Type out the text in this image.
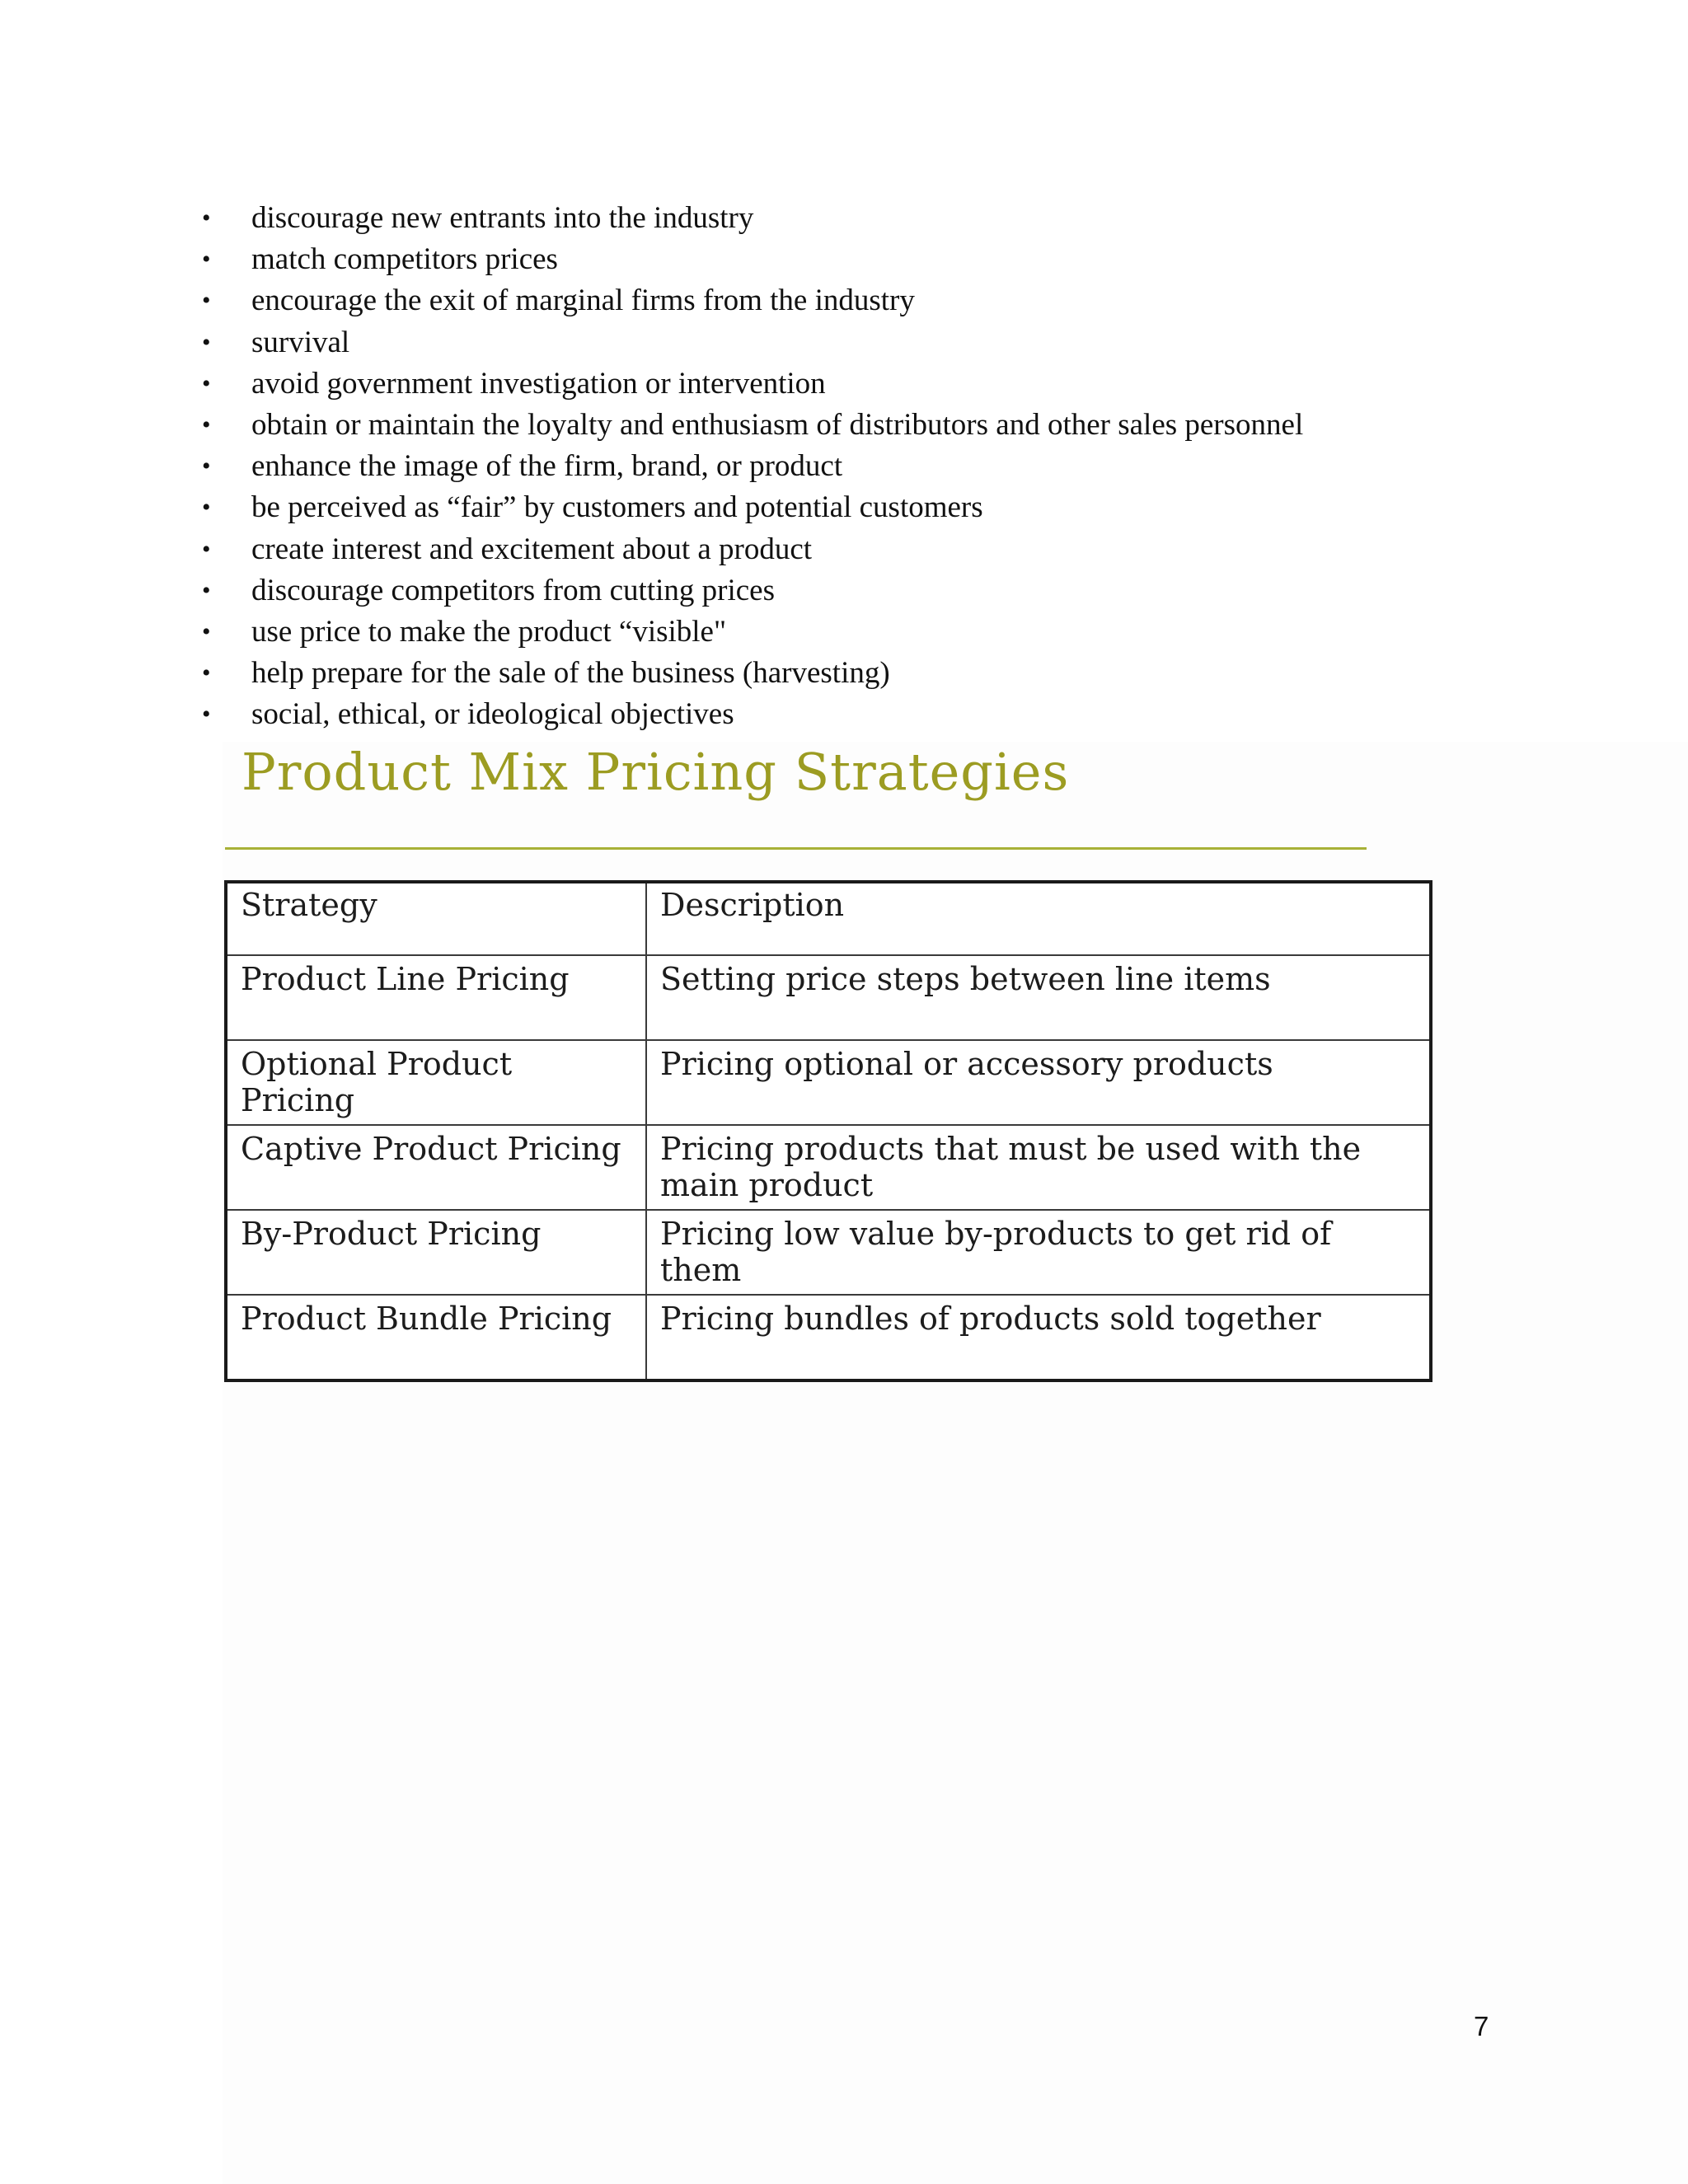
• discourage new entrants into the industry
• match competitors prices
• encourage the exit of marginal firms from the industry
• survival
• avoid government investigation or intervention
• obtain or maintain the loyalty and enthusiasm of distributors and other sales personnel
• enhance the image of the firm, brand, or product
• be perceived as “fair” by customers and potential customers
• create interest and excitement about a product
• discourage competitors from cutting prices
• use price to make the product “visible"
• help prepare for the sale of the business (harvesting)
• social, ethical, or ideological objectives
Product Mix Pricing Strategies
Strategy	Description
Product Line Pricing	Setting price steps between line items
Optional Product Pricing	Pricing optional or accessory products
Captive Product Pricing	Pricing products that must be used with the main product
By-Product Pricing	Pricing low value by-products to get rid of them
Product Bundle Pricing	Pricing bundles of products sold together
7
